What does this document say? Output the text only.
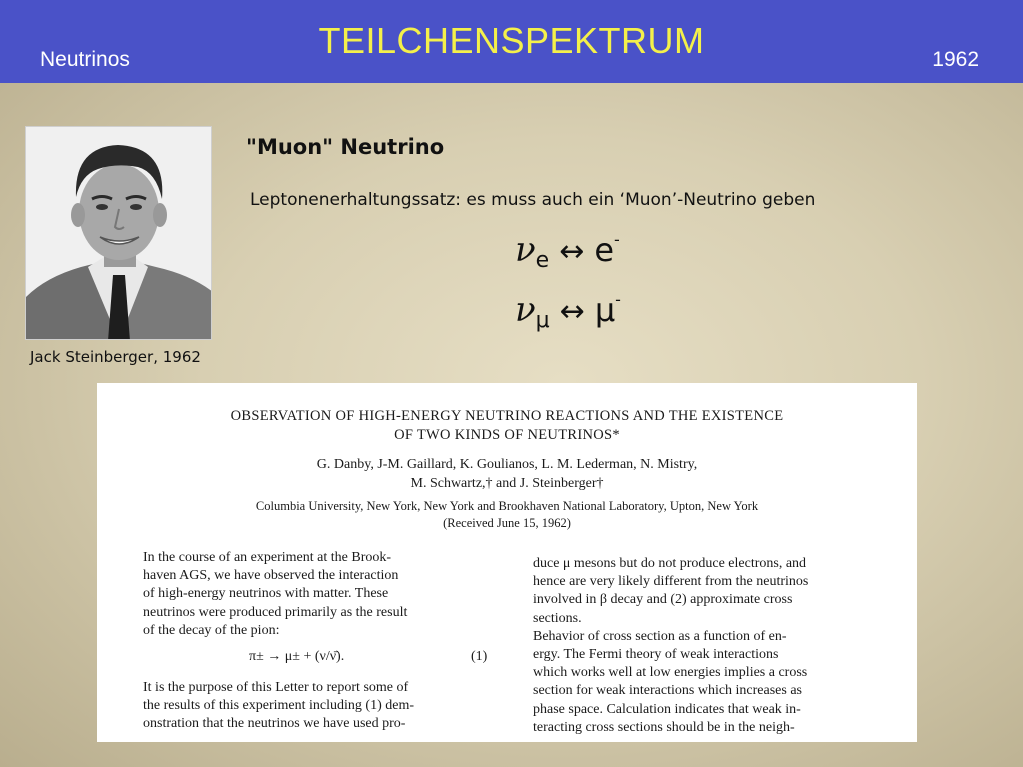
TEILCHENSPEKTRUM
Neutrinos	1962
Jack Steinberger, 1962
"Muon" Neutrino
Leptonenerhaltungssatz: es muss auch ein ‘Muon’-Neutrino geben
νe ↔ e-
νμ ↔ μ-
OBSERVATION OF HIGH-ENERGY NEUTRINO REACTIONS AND THE EXISTENCE
OF TWO KINDS OF NEUTRINOS*
G. Danby, J-M. Gaillard, K. Goulianos, L. M. Lederman, N. Mistry,
M. Schwartz,† and J. Steinberger†
Columbia University, New York, New York and Brookhaven National Laboratory, Upton, New York
(Received June 15, 1962)
In the course of an experiment at the Brook-
haven AGS, we have observed the interaction
of high-energy neutrinos with matter. These
neutrinos were produced primarily as the result
of the decay of the pion:
π± → μ± + (ν/ν̄).	(1)
It is the purpose of this Letter to report some of
the results of this experiment including (1) dem-
onstration that the neutrinos we have used pro-
duce μ mesons but do not produce electrons, and
hence are very likely different from the neutrinos
involved in β decay and (2) approximate cross
sections.
Behavior of cross section as a function of en-
ergy. The Fermi theory of weak interactions
which works well at low energies implies a cross
section for weak interactions which increases as
phase space. Calculation indicates that weak in-
teracting cross sections should be in the neigh-
